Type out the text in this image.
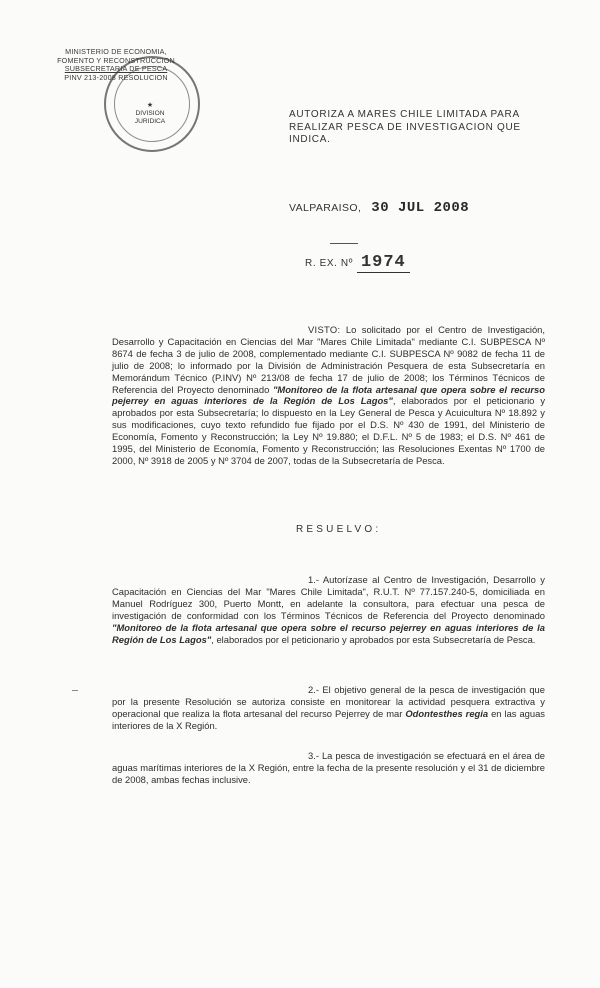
MINISTERIO DE ECONOMIA,
FOMENTO Y RECONSTRUCCION
SUBSECRETARIA DE PESCA
PINV 213-2008 RESOLUCION
★
DIVISION
JURIDICA
AUTORIZA A MARES CHILE LIMITADA PARA REALIZAR PESCA DE INVESTIGACION QUE INDICA.
VALPARAISO, 30 JUL 2008
R. EX. Nº 1974
VISTO: Lo solicitado por el Centro de Investigación, Desarrollo y Capacitación en Ciencias del Mar "Mares Chile Limitada" mediante C.I. SUBPESCA Nº 8674 de fecha 3 de julio de 2008, complementado mediante C.I. SUBPESCA Nº 9082 de fecha 11 de julio de 2008; lo informado por la División de Administración Pesquera de esta Subsecretaría en Memorándum Técnico (P.INV) Nº 213/08 de fecha 17 de julio de 2008; los Términos Técnicos de Referencia del Proyecto denominado "Monitoreo de la flota artesanal que opera sobre el recurso pejerrey en aguas interiores de la Región de Los Lagos", elaborados por el peticionario y aprobados por esta Subsecretaría; lo dispuesto en la Ley General de Pesca y Acuicultura Nº 18.892 y sus modificaciones, cuyo texto refundido fue fijado por el D.S. Nº 430 de 1991, del Ministerio de Economía, Fomento y Reconstrucción; la Ley Nº 19.880; el D.F.L. Nº 5 de 1983; el D.S. Nº 461 de 1995, del Ministerio de Economía, Fomento y Reconstrucción; las Resoluciones Exentas Nº 1700 de 2000, Nº 3918 de 2005 y Nº 3704 de 2007, todas de la Subsecretaría de Pesca.
RESUELVO:
1.- Autorízase al Centro de Investigación, Desarrollo y Capacitación en Ciencias del Mar "Mares Chile Limitada", R.U.T. Nº 77.157.240-5, domiciliada en Manuel Rodríguez 300, Puerto Montt, en adelante la consultora, para efectuar una pesca de investigación de conformidad con los Términos Técnicos de Referencia del Proyecto denominado "Monitoreo de la flota artesanal que opera sobre el recurso pejerrey en aguas interiores de la Región de Los Lagos", elaborados por el peticionario y aprobados por esta Subsecretaría de Pesca.
2.- El objetivo general de la pesca de investigación que por la presente Resolución se autoriza consiste en monitorear la actividad pesquera extractiva y operacional que realiza la flota artesanal del recurso Pejerrey de mar Odontesthes regia en las aguas interiores de la X Región.
3.- La pesca de investigación se efectuará en el área de aguas marítimas interiores de la X Región, entre la fecha de la presente resolución y el 31 de diciembre de 2008, ambas fechas inclusive.
